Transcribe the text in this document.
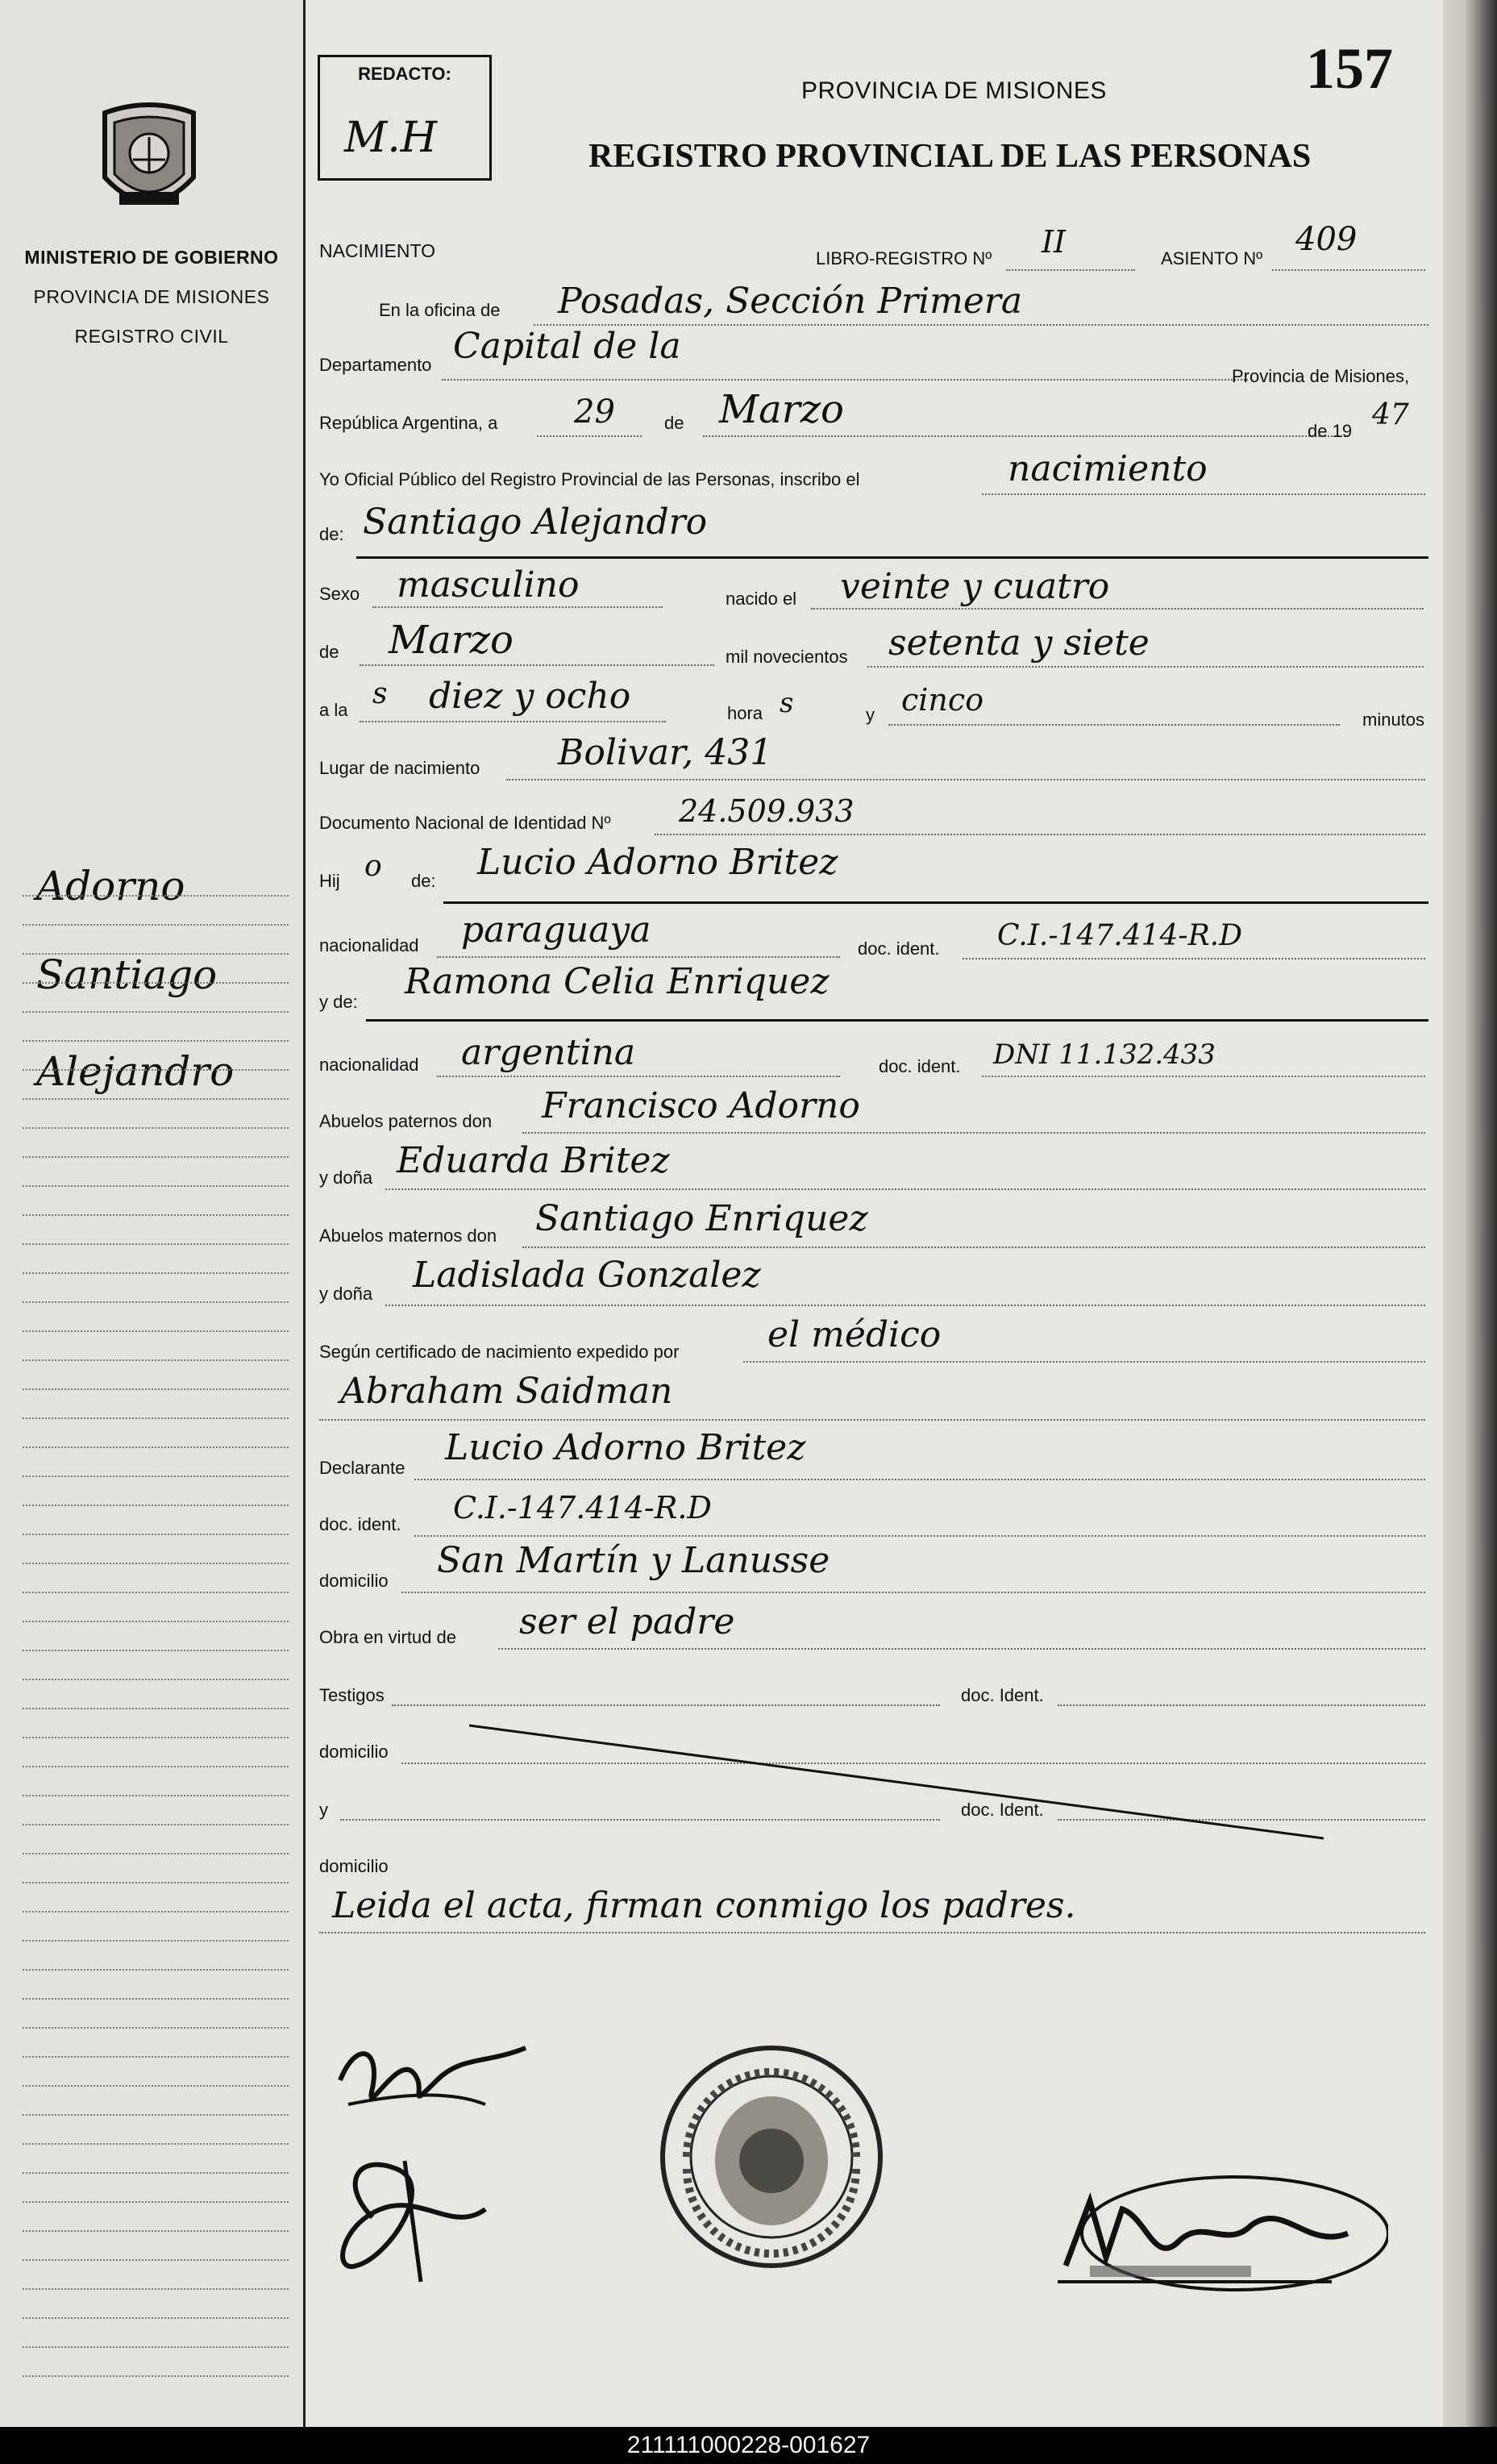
MINISTERIO DE GOBIERNO
PROVINCIA DE MISIONES
REGISTRO CIVIL
Adorno
Santiago
Alejandro
REDACTO:
M.H
157
PROVINCIA DE MISIONES
REGISTRO PROVINCIAL DE LAS PERSONAS
NACIMIENTO	LIBRO-REGISTRO Nº II	ASIENTO Nº
409
En la oficina de Posadas, Sección Primera
Departamento Capital de la
Provincia de Misiones,
República Argentina, a 29	de Marzo	de 19 47
Yo Oficial Público del Registro Provincial de las Personas, inscribo el	nacimiento
de: Santiago Alejandro
Sexo masculino	nacido el veinte y cuatro
de Marzo	mil novecientos setenta y siete
a la s diez y ocho	hora s	y cinco
minutos
Lugar de nacimiento Bolivar, 431
Documento Nacional de Identidad Nº 24.509.933
Hij o de: Lucio Adorno Britez
nacionalidad paraguaya	doc. ident. C.I.-147.414-R.D
y de: Ramona Celia Enriquez
nacionalidad argentina	doc. ident. DNI 11.132.433
Abuelos paternos don Francisco Adorno
y doña Eduarda Britez
Abuelos maternos don Santiago Enriquez
y doña Ladislada Gonzalez
Según certificado de nacimiento expedido por el médico
Abraham Saidman
Declarante Lucio Adorno Britez
doc. ident. C.I.-147.414-R.D
domicilio San Martín y Lanusse
Obra en virtud de ser el padre
Testigos	doc. Ident.
domicilio
y	doc. Ident.
domicilio
Leida el acta, firman conmigo los padres.
211111000228-001627
